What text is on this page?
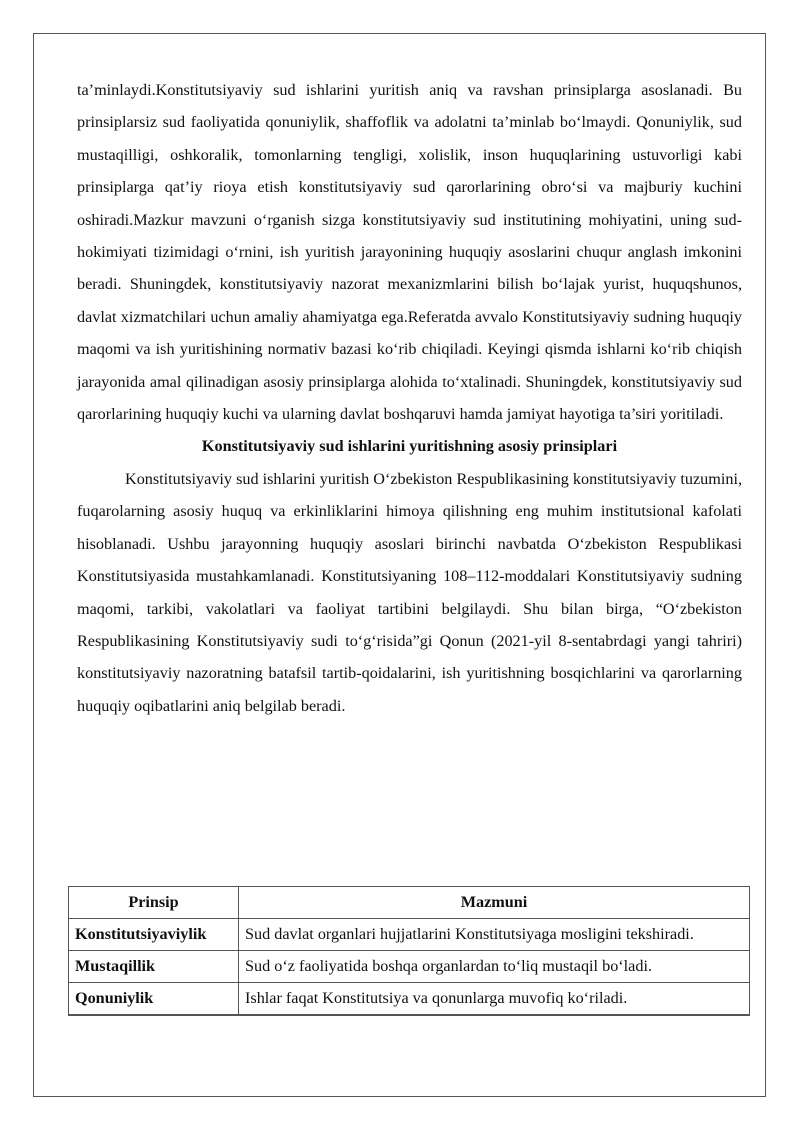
ta’minlaydi.Konstitutsiyaviy sud ishlarini yuritish aniq va ravshan prinsiplarga asoslanadi. Bu prinsiplarsiz sud faoliyatida qonuniylik, shaffoflik va adolatni ta’minlab bo‘lmaydi. Qonuniylik, sud mustaqilligi, oshkoralik, tomonlarning tengligi, xolislik, inson huquqlarining ustuvorligi kabi prinsiplarga qat’iy rioya etish konstitutsiyaviy sud qarorlarining obro‘si va majburiy kuchini oshiradi.Mazkur mavzuni o‘rganish sizga konstitutsiyaviy sud institutining mohiyatini, uning sud-hokimiyati tizimidagi o‘rnini, ish yuritish jarayonining huquqiy asoslarini chuqur anglash imkonini beradi. Shuningdek, konstitutsiyaviy nazorat mexanizmlarini bilish bo‘lajak yurist, huquqshunos, davlat xizmatchilari uchun amaliy ahamiyatga ega.Referatda avvalo Konstitutsiyaviy sudning huquqiy maqomi va ish yuritishining normativ bazasi ko‘rib chiqiladi. Keyingi qismda ishlarni ko‘rib chiqish jarayonida amal qilinadigan asosiy prinsiplarga alohida to‘xtalinadi. Shuningdek, konstitutsiyaviy sud qarorlarining huquqiy kuchi va ularning davlat boshqaruvi hamda jamiyat hayotiga ta’siri yoritiladi.

Konstitutsiyaviy sud ishlarini yuritishning asosiy prinsiplari

Konstitutsiyaviy sud ishlarini yuritish O‘zbekiston Respublikasining konstitutsiyaviy tuzumini, fuqarolarning asosiy huquq va erkinliklarini himoya qilishning eng muhim institutsional kafolati hisoblanadi. Ushbu jarayonning huquqiy asoslari birinchi navbatda O‘zbekiston Respublikasi Konstitutsiyasida mustahkamlanadi. Konstitutsiyaning 108–112-moddalari Konstitutsiyaviy sudning maqomi, tarkibi, vakolatlari va faoliyat tartibini belgilaydi. Shu bilan birga, “O‘zbekiston Respublikasining Konstitutsiyaviy sudi to‘g‘risida”gi Qonun (2021-yil 8-sentabrdagi yangi tahriri) konstitutsiyaviy nazoratning batafsil tartib-qoidalarini, ish yuritishning bosqichlarini va qarorlarning huquqiy oqibatlarini aniq belgilab beradi.

Prinsip	Mazmuni
Konstitutsiyaviylik	Sud davlat organlari hujjatlarini Konstitutsiyaga mosligini tekshiradi.
Mustaqillik	Sud o‘z faoliyatida boshqa organlardan to‘liq mustaqil bo‘ladi.
Qonuniylik	Ishlar faqat Konstitutsiya va qonunlarga muvofiq ko‘riladi.
